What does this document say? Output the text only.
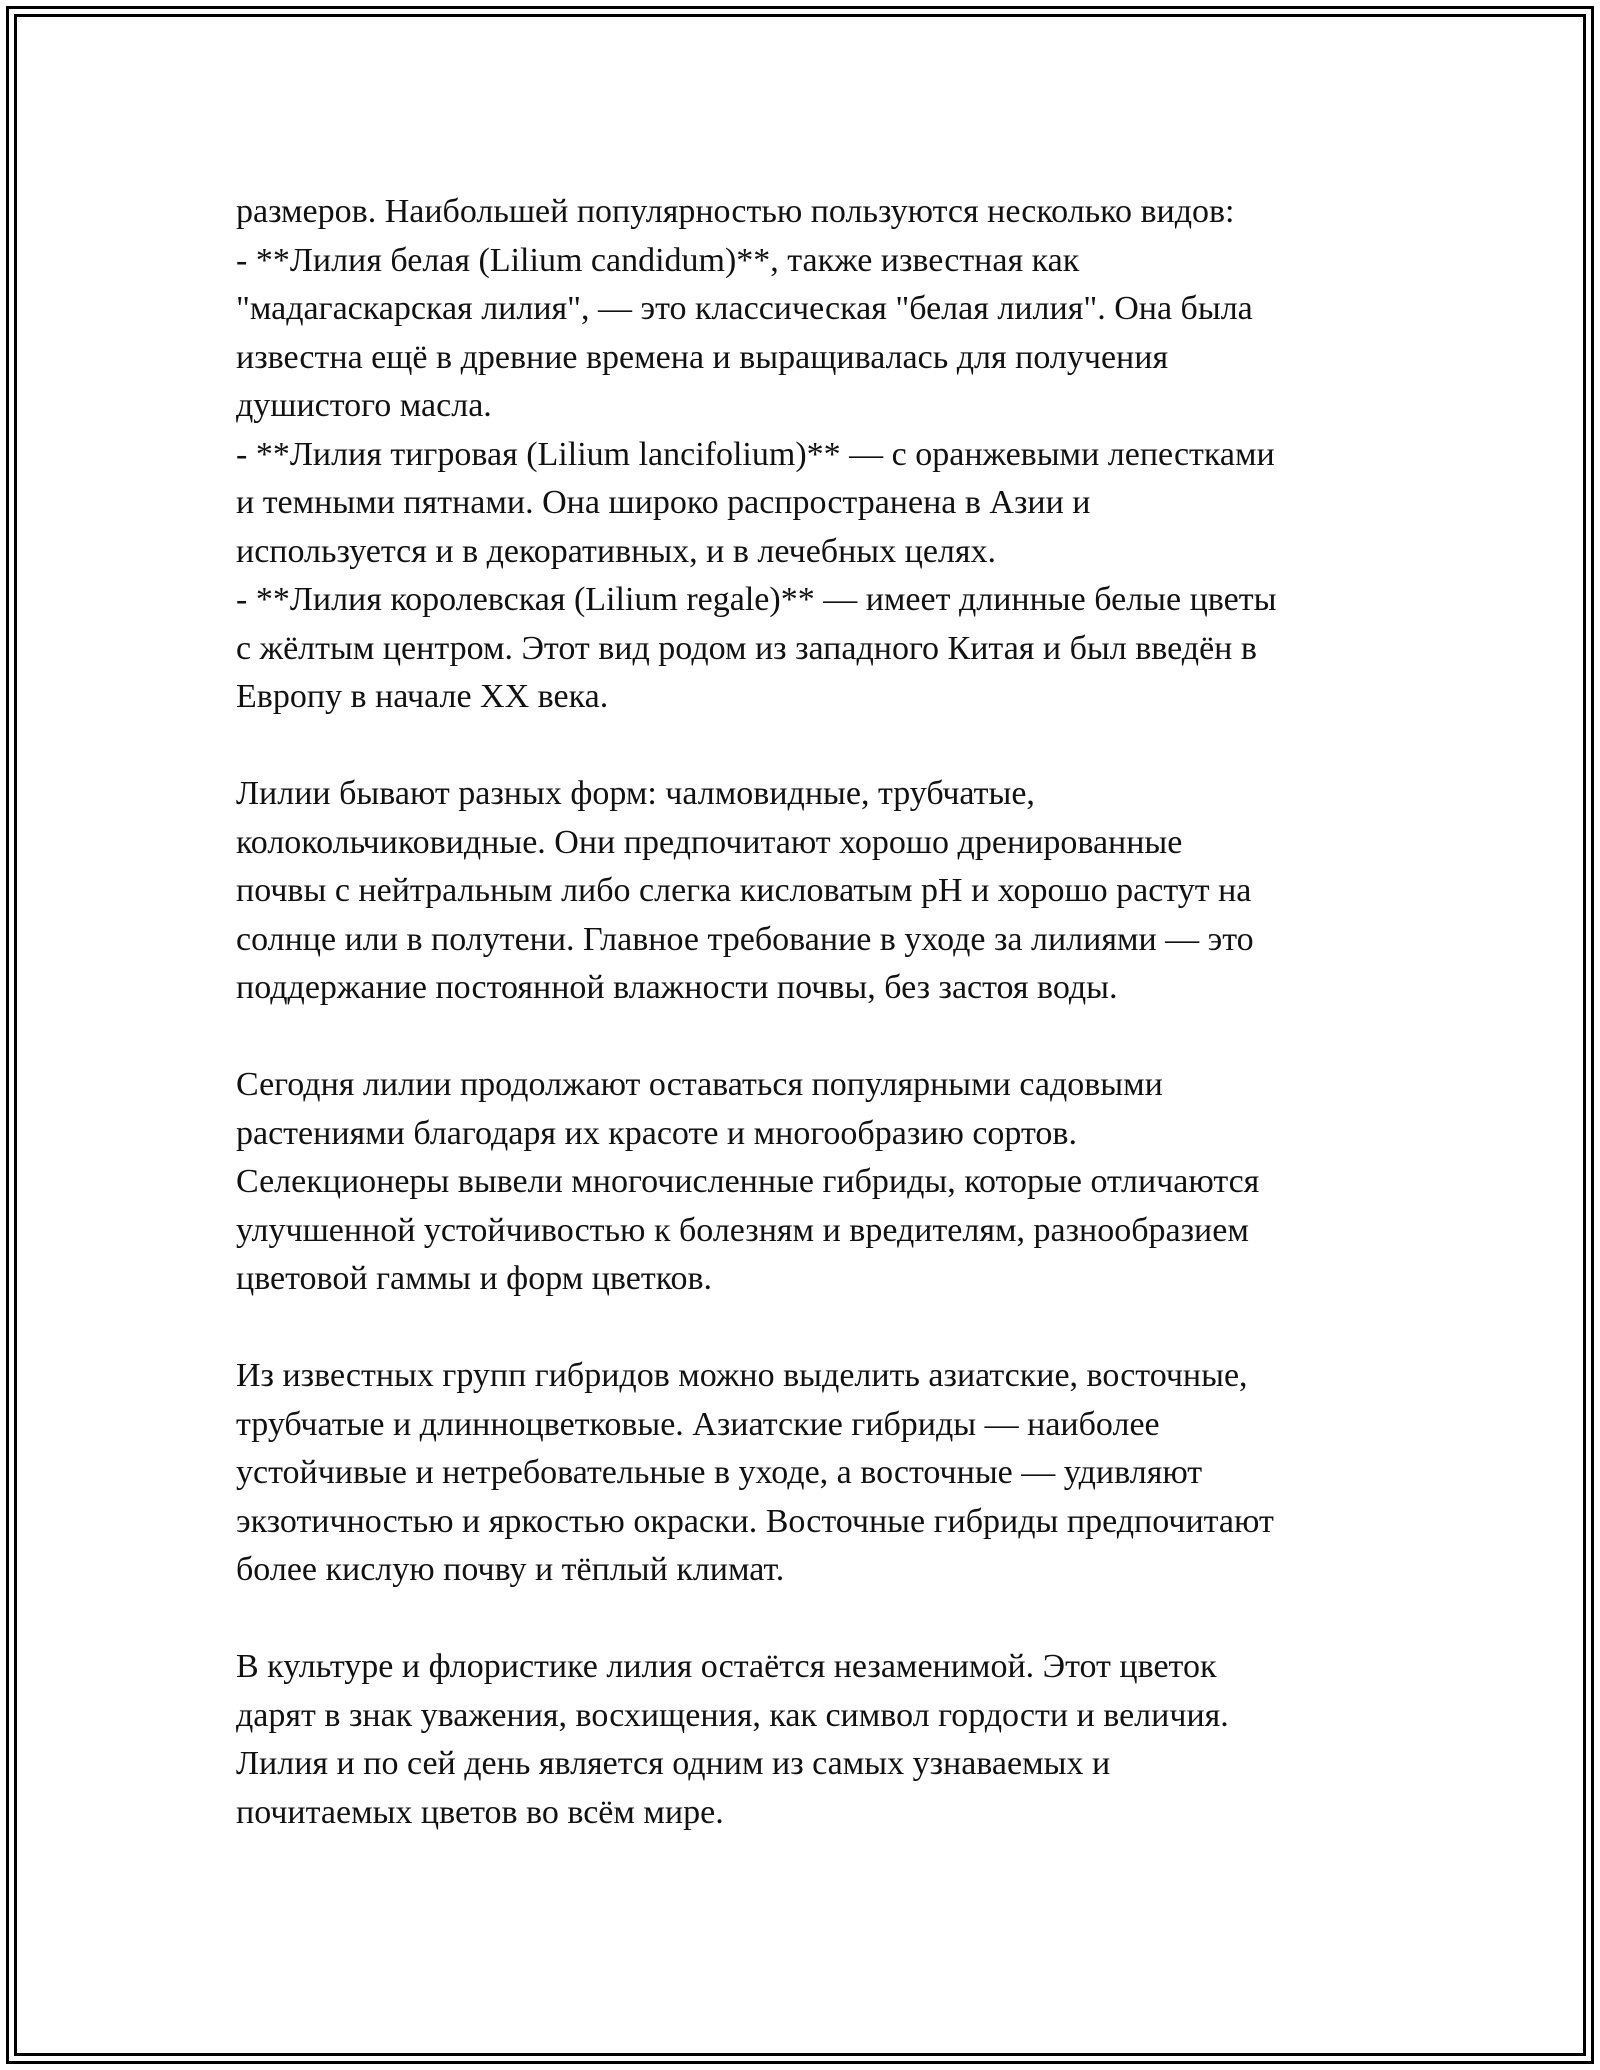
размеров. Наибольшей популярностью пользуются несколько видов:
- **Лилия белая (Lilium candidum)**, также известная как
"мадагаскарская лилия", — это классическая "белая лилия". Она была
известна ещё в древние времена и выращивалась для получения
душистого масла.
- **Лилия тигровая (Lilium lancifolium)** — с оранжевыми лепестками
и темными пятнами. Она широко распространена в Азии и
используется и в декоративных, и в лечебных целях.
- **Лилия королевская (Lilium regale)** — имеет длинные белые цветы
с жёлтым центром. Этот вид родом из западного Китая и был введён в
Европу в начале XX века.
Лилии бывают разных форм: чалмовидные, трубчатые,
колокольчиковидные. Они предпочитают хорошо дренированные
почвы с нейтральным либо слегка кисловатым pH и хорошо растут на
солнце или в полутени. Главное требование в уходе за лилиями — это
поддержание постоянной влажности почвы, без застоя воды.
Сегодня лилии продолжают оставаться популярными садовыми
растениями благодаря их красоте и многообразию сортов.
Селекционеры вывели многочисленные гибриды, которые отличаются
улучшенной устойчивостью к болезням и вредителям, разнообразием
цветовой гаммы и форм цветков.
Из известных групп гибридов можно выделить азиатские, восточные,
трубчатые и длинноцветковые. Азиатские гибриды — наиболее
устойчивые и нетребовательные в уходе, а восточные — удивляют
экзотичностью и яркостью окраски. Восточные гибриды предпочитают
более кислую почву и тёплый климат.
В культуре и флористике лилия остаётся незаменимой. Этот цветок
дарят в знак уважения, восхищения, как символ гордости и величия.
Лилия и по сей день является одним из самых узнаваемых и
почитаемых цветов во всём мире.
